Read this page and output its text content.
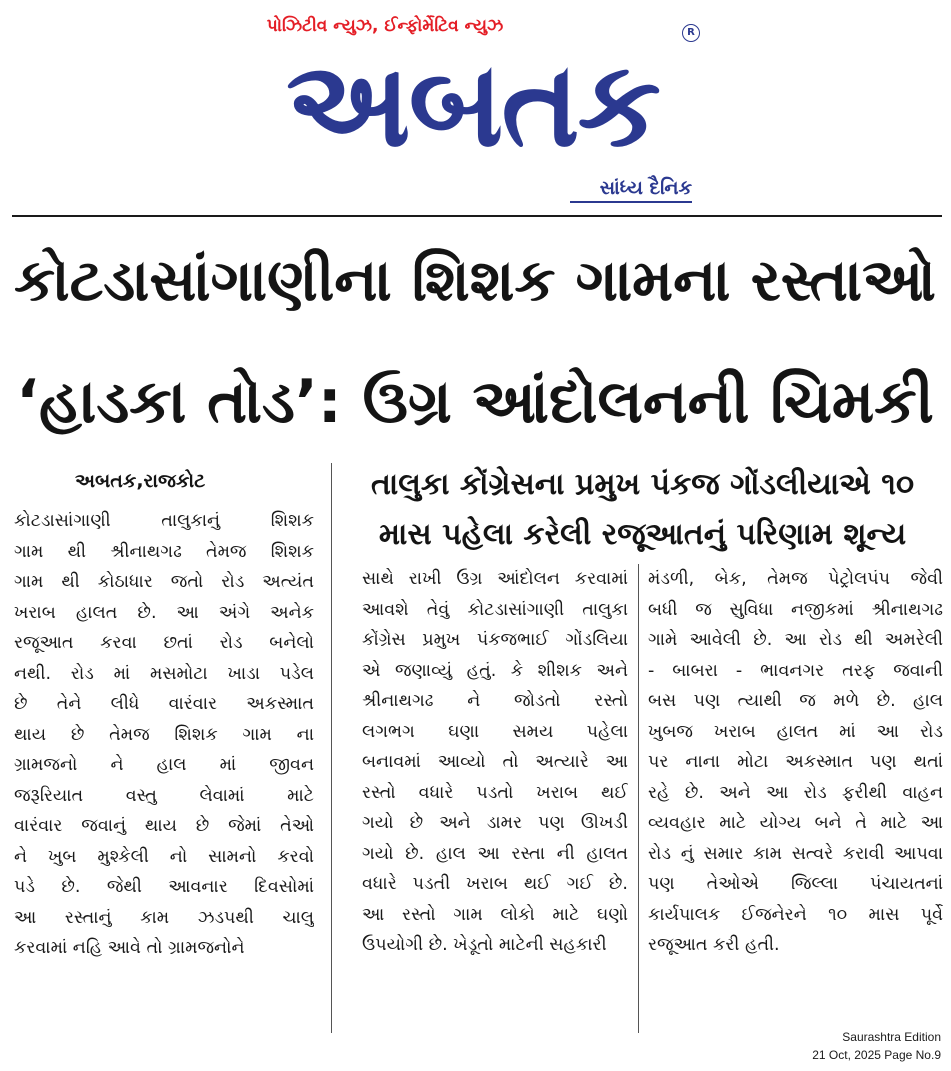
પોઝિટીવ ન્યુઝ, ઈન્ફોર્મેટિવ ન્યુઝ
અબતક
R
સાંધ્ય દૈનિક
કોટડાસાંગાણીના શિશક ગામના રસ્તાઓ
‘હાડકા તોડ’: ઉગ્ર આંદોલનની ચિમકી
તાલુકા કોંગ્રેસના પ્રમુખ પંકજ ગોંડલીયાએ ૧૦
માસ પહેલા કરેલી રજૂઆતનું પરિણામ શૂન્ય
અબતક,રાજકોટ
કોટડાસાંગાણી તાલુકાનું શિશક
ગામ થી શ્રીનાથગઢ તેમજ શિશક
ગામ થી કોઠાધાર જતો રોડ અત્યંત
ખરાબ હાલત છે. આ અંગે અનેક
રજૂઆત કરવા છતાં રોડ બનેલો
નથી. રોડ માં મસમોટા ખાડા પડેલ
છે તેને લીધે વારંવાર અકસ્માત
થાય છે તેમજ શિશક ગામ ના
ગ્રામજનો ને હાલ માં જીવન
જરૂરિયાત વસ્તુ લેવામાં માટે
વારંવાર જવાનું થાય છે જેમાં તેઓ
ને ખુબ મુશ્કેલી નો સામનો કરવો
પડે છે. જેથી આવનાર દિવસોમાં
આ રસ્તાનું કામ ઝડપથી ચાલુ
કરવામાં નહિ આવે તો ગ્રામજનોને
સાથે રાખી ઉગ્ર આંદોલન કરવામાં
આવશે તેવું કોટડાસાંગાણી તાલુકા
કોંગ્રેસ પ્રમુખ પંકજભાઈ ગોંડલિયા
એ જણાવ્યું હતું. કે શીશક અને
શ્રીનાથગઢ ને જોડતો રસ્તો
લગભગ ઘણા સમય પહેલા
બનાવમાં આવ્યો તો અત્યારે આ
રસ્તો વધારે પડતો ખરાબ થઈ
ગયો છે અને ડામર પણ ઊખડી
ગયો છે. હાલ આ રસ્તા ની હાલત
વધારે પડતી ખરાબ થઈ ગઈ છે.
આ રસ્તો ગામ લોકો માટે ઘણો
ઉપયોગી છે. ખેડૂતો માટેની સહકારી
મંડળી, બેક, તેમજ પેટ્રોલપંપ જેવી
બધી જ સુવિધા નજીકમાં શ્રીનાથગઢ
ગામે આવેલી છે. આ રોડ થી અમરેલી
- બાબરા - ભાવનગર તરફ જવાની
બસ પણ ત્યાથી જ મળે છે. હાલ
ખુબજ ખરાબ હાલત માં આ રોડ
પર નાના મોટા અકસ્માત પણ થતાં
રહે છે. અને આ રોડ ફરીથી વાહન
વ્યવહાર માટે યોગ્ય બને તે માટે આ
રોડ નું સમાર કામ સત્વરે કરાવી આપવા
પણ તેઓએ જિલ્લા પંચાયતનાં
કાર્યપાલક ઈજનેરને ૧૦ માસ પૂર્વે
રજૂઆત કરી હતી.
Saurashtra Edition
21 Oct, 2025 Page No.9
